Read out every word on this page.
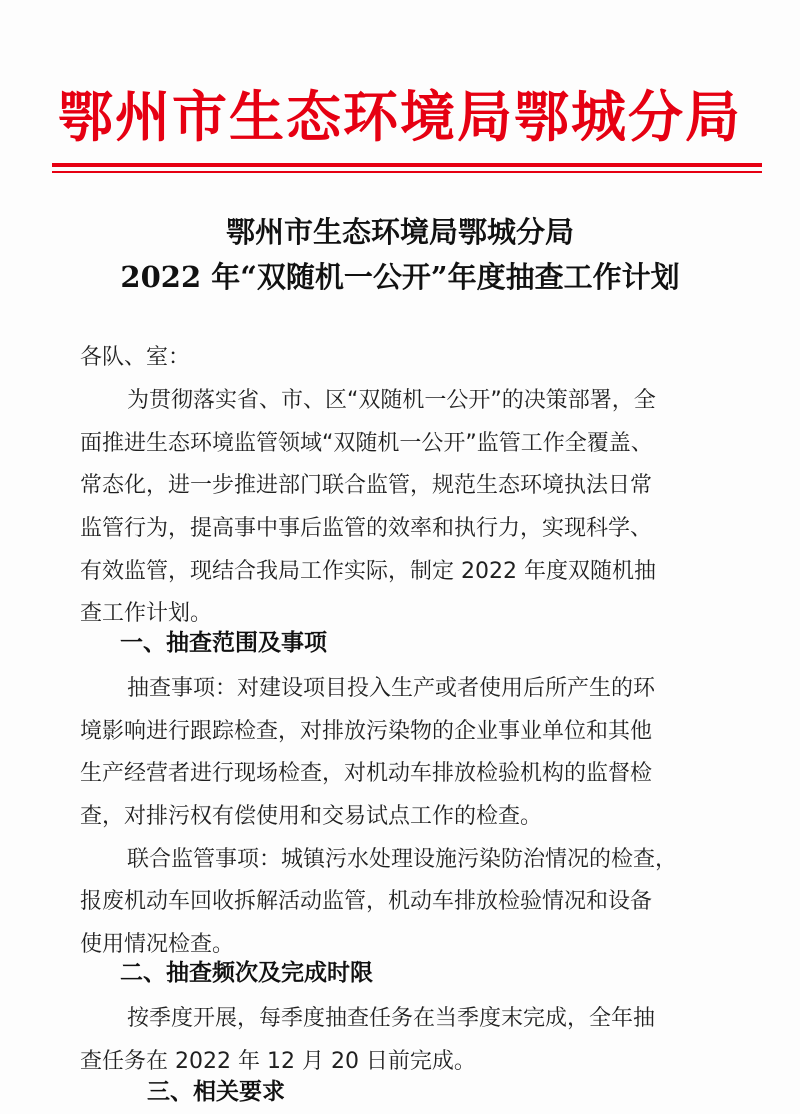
鄂州市生态环境局鄂城分局
鄂州市生态环境局鄂城分局
2022 年“双随机一公开”年度抽查工作计划
各队、室：
为贯彻落实省、市、区“双随机一公开”的决策部署，全
面推进生态环境监管领域“双随机一公开”监管工作全覆盖、
常态化，进一步推进部门联合监管，规范生态环境执法日常
监管行为，提高事中事后监管的效率和执行力，实现科学、
有效监管，现结合我局工作实际，制定 2022 年度双随机抽
查工作计划。
一、抽查范围及事项
抽查事项：对建设项目投入生产或者使用后所产生的环
境影响进行跟踪检查，对排放污染物的企业事业单位和其他
生产经营者进行现场检查，对机动车排放检验机构的监督检
查，对排污权有偿使用和交易试点工作的检查。
联合监管事项：城镇污水处理设施污染防治情况的检查，
报废机动车回收拆解活动监管，机动车排放检验情况和设备
使用情况检查。
二、抽查频次及完成时限
按季度开展，每季度抽查任务在当季度末完成，全年抽
查任务在 2022 年 12 月 20 日前完成。
三、相关要求
